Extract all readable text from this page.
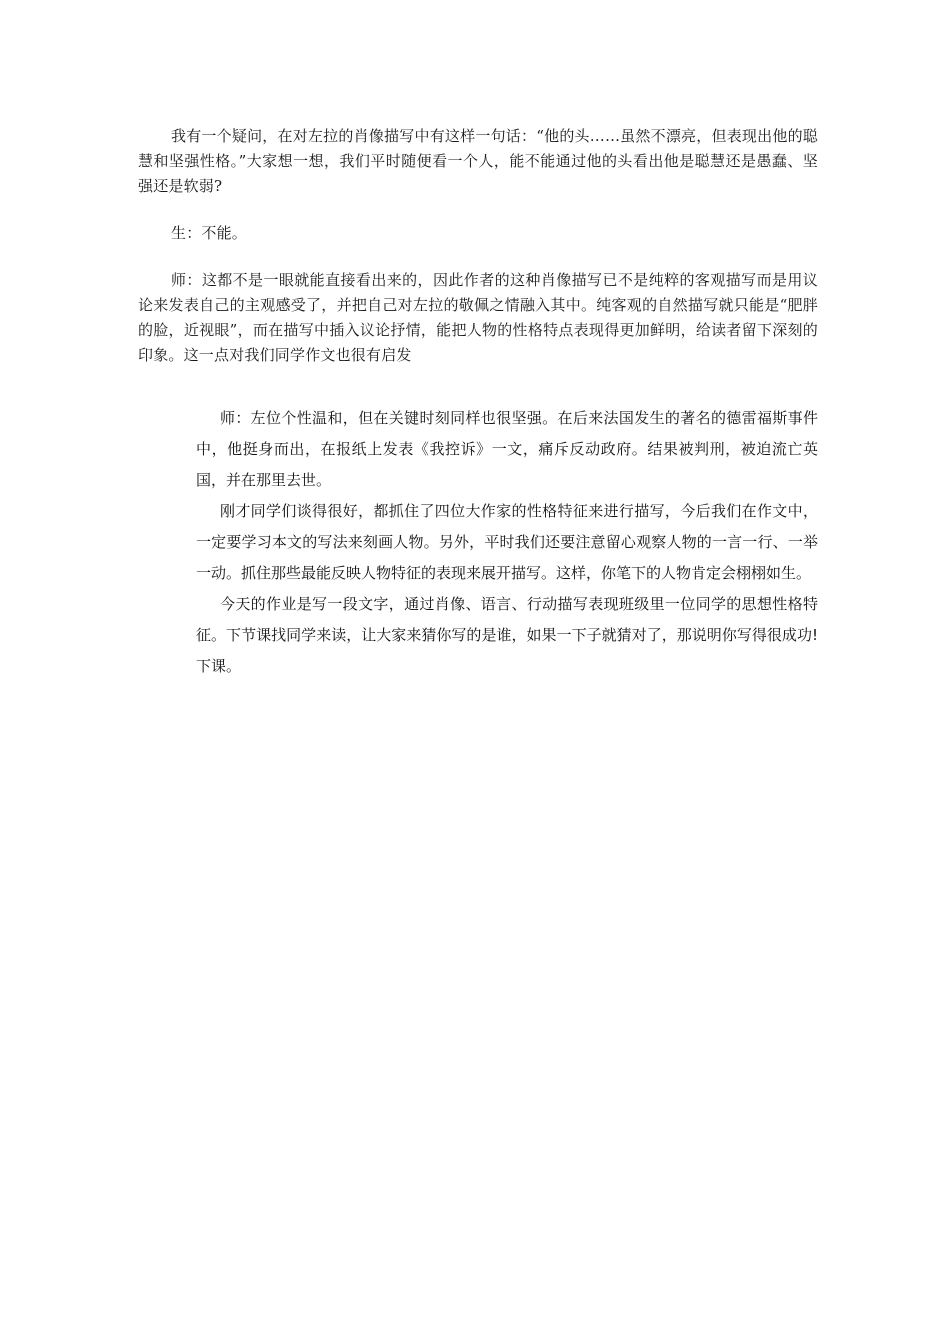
我有一个疑问，在对左拉的肖像描写中有这样一句话：“他的头……虽然不漂亮，但表现出他的聪慧和坚强性格。”大家想一想，我们平时随便看一个人，能不能通过他的头看出他是聪慧还是愚蠢、坚强还是软弱?

生：不能。

师：这都不是一眼就能直接看出来的，因此作者的这种肖像描写已不是纯粹的客观描写而是用议论来发表自己的主观感受了，并把自己对左拉的敬佩之情融入其中。纯客观的自然描写就只能是“肥胖的脸，近视眼”，而在描写中插入议论抒情，能把人物的性格特点表现得更加鲜明，给读者留下深刻的印象。这一点对我们同学作文也很有启发

师：左位个性温和，但在关键时刻同样也很坚强。在后来法国发生的著名的德雷福斯事件中，他挺身而出，在报纸上发表《我控诉》一文，痛斥反动政府。结果被判刑，被迫流亡英国，并在那里去世。

刚才同学们谈得很好，都抓住了四位大作家的性格特征来进行描写，今后我们在作文中，一定要学习本文的写法来刻画人物。另外，平时我们还要注意留心观察人物的一言一行、一举一动。抓住那些最能反映人物特征的表现来展开描写。这样，你笔下的人物肯定会栩栩如生。

今天的作业是写一段文字，通过肖像、语言、行动描写表现班级里一位同学的思想性格特征。下节课找同学来读，让大家来猜你写的是谁，如果一下子就猜对了，那说明你写得很成功!下课。
